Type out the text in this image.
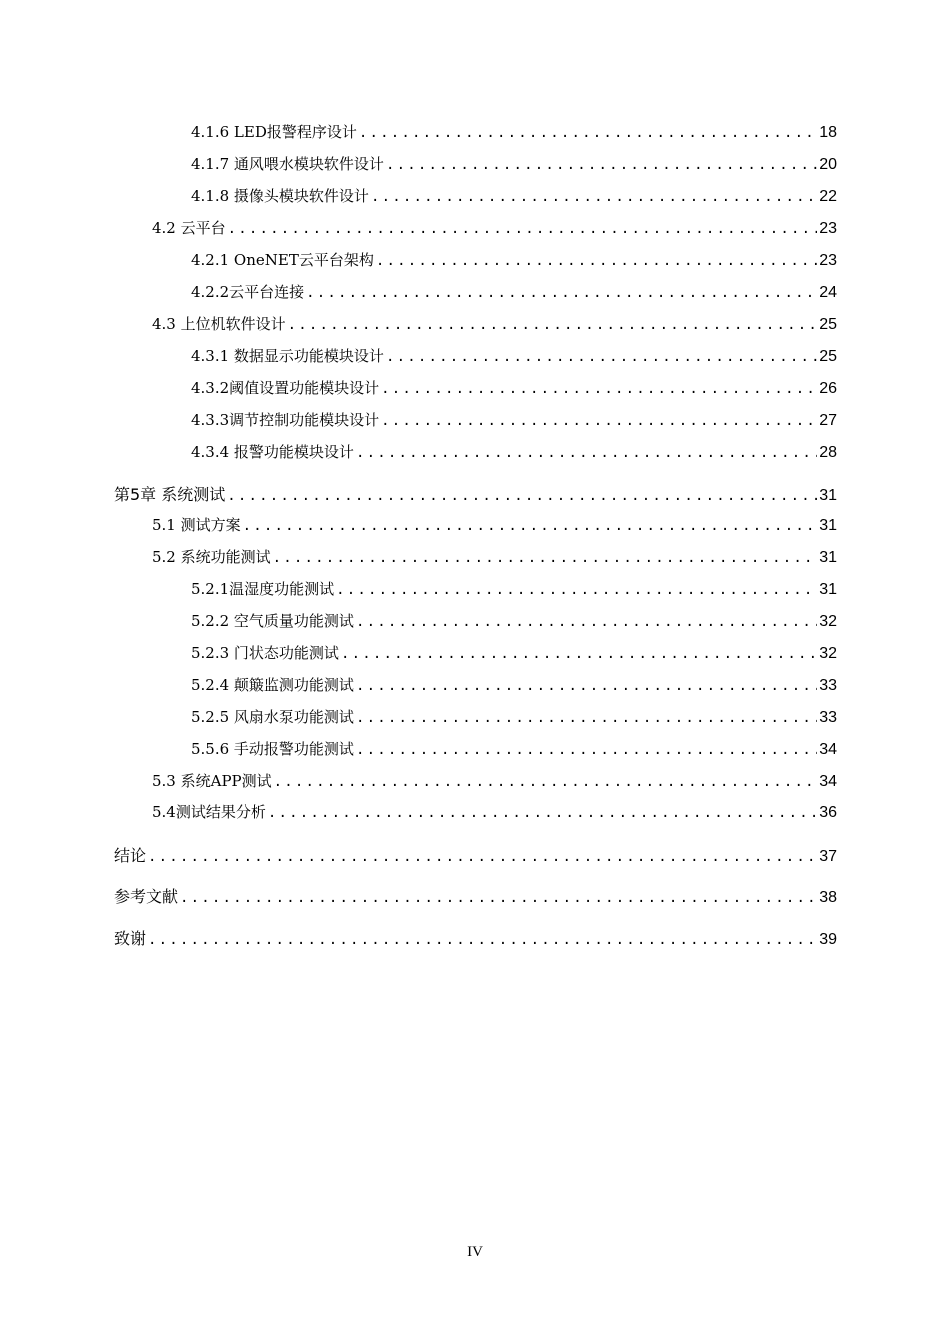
4.1.6 LED报警程序设计 .....	18
4.1.7 通风喂水模块软件设计 .....	20
4.1.8 摄像头模块软件设计 .....	22
4.2 云平台 .....	23
4.2.1 OneNET云平台架构 .....	23
4.2.2云平台连接 .....	24
4.3 上位机软件设计 .....	25
4.3.1 数据显示功能模块设计 .....	25
4.3.2阈值设置功能模块设计 .....	26
4.3.3调节控制功能模块设计 .....	27
4.3.4 报警功能模块设计 .....	28
第5章 系统测试 .....	31
5.1 测试方案 .....	31
5.2 系统功能测试 .....	31
5.2.1温湿度功能测试 .....	31
5.2.2 空气质量功能测试 .....	32
5.2.3 门状态功能测试 .....	32
5.2.4 颠簸监测功能测试 .....	33
5.2.5 风扇水泵功能测试 .....	33
5.5.6 手动报警功能测试 .....	34
5.3 系统APP测试 .....	34
5.4测试结果分析 .....	36
结论 .....	37
参考文献 .....	38
致谢 .....	39
IV
